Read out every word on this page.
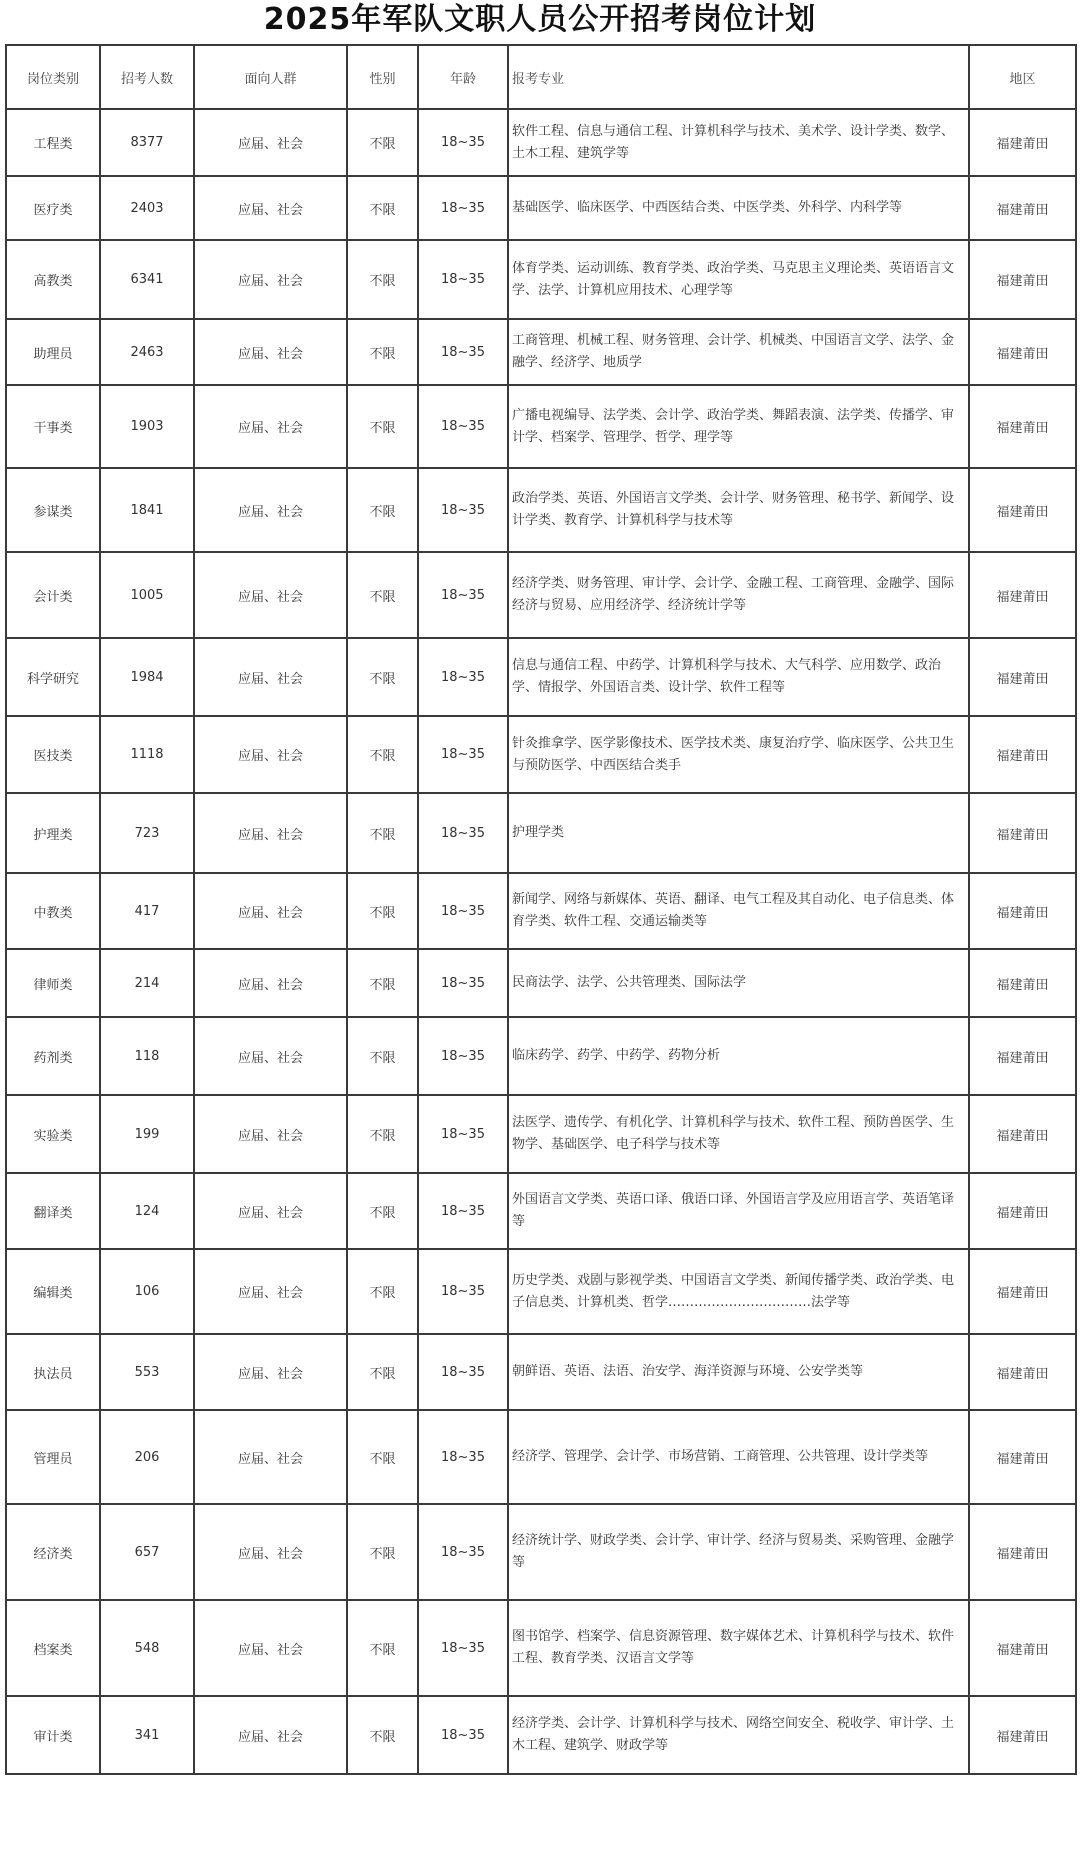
2025年军队文职人员公开招考岗位计划
岗位类别	招考人数	面向人群	性别	年龄	报考专业	地区
工程类	8377	应届、社会	不限	18~35	软件工程、信息与通信工程、计算机科学与技术、美术学、设计学类、数学、土木工程、建筑学等	福建莆田
医疗类	2403	应届、社会	不限	18~35	基础医学、临床医学、中西医结合类、中医学类、外科学、内科学等	福建莆田
高教类	6341	应届、社会	不限	18~35	体育学类、运动训练、教育学类、政治学类、马克思主义理论类、英语语言文学、法学、计算机应用技术、心理学等	福建莆田
助理员	2463	应届、社会	不限	18~35	工商管理、机械工程、财务管理、会计学、机械类、中国语言文学、法学、金融学、经济学、地质学	福建莆田
干事类	1903	应届、社会	不限	18~35	广播电视编导、法学类、会计学、政治学类、舞蹈表演、法学类、传播学、审计学、档案学、管理学、哲学、理学等	福建莆田
参谋类	1841	应届、社会	不限	18~35	政治学类、英语、外国语言文学类、会计学、财务管理、秘书学、新闻学、设计学类、教育学、计算机科学与技术等	福建莆田
会计类	1005	应届、社会	不限	18~35	经济学类、财务管理、审计学、会计学、金融工程、工商管理、金融学、国际经济与贸易、应用经济学、经济统计学等	福建莆田
科学研究	1984	应届、社会	不限	18~35	信息与通信工程、中药学、计算机科学与技术、大气科学、应用数学、政治学、情报学、外国语言类、设计学、软件工程等	福建莆田
医技类	1118	应届、社会	不限	18~35	针灸推拿学、医学影像技术、医学技术类、康复治疗学、临床医学、公共卫生与预防医学、中西医结合类手	福建莆田
护理类	723	应届、社会	不限	18~35	护理学类	福建莆田
中教类	417	应届、社会	不限	18~35	新闻学、网络与新媒体、英语、翻译、电气工程及其自动化、电子信息类、体育学类、软件工程、交通运输类等	福建莆田
律师类	214	应届、社会	不限	18~35	民商法学、法学、公共管理类、国际法学	福建莆田
药剂类	118	应届、社会	不限	18~35	临床药学、药学、中药学、药物分析	福建莆田
实验类	199	应届、社会	不限	18~35	法医学、遗传学、有机化学、计算机科学与技术、软件工程、预防兽医学、生物学、基础医学、电子科学与技术等	福建莆田
翻译类	124	应届、社会	不限	18~35	外国语言文学类、英语口译、俄语口译、外国语言学及应用语言学、英语笔译等	福建莆田
编辑类	106	应届、社会	不限	18~35	历史学类、戏剧与影视学类、中国语言文学类、新闻传播学类、政治学类、电子信息类、计算机类、哲学……………………………法学等	福建莆田
执法员	553	应届、社会	不限	18~35	朝鲜语、英语、法语、治安学、海洋资源与环境、公安学类等	福建莆田
管理员	206	应届、社会	不限	18~35	经济学、管理学、会计学、市场营销、工商管理、公共管理、设计学类等	福建莆田
经济类	657	应届、社会	不限	18~35	经济统计学、财政学类、会计学、审计学、经济与贸易类、采购管理、金融学等	福建莆田
档案类	548	应届、社会	不限	18~35	图书馆学、档案学、信息资源管理、数字媒体艺术、计算机科学与技术、软件工程、教育学类、汉语言文学等	福建莆田
审计类	341	应届、社会	不限	18~35	经济学类、会计学、计算机科学与技术、网络空间安全、税收学、审计学、土木工程、建筑学、财政学等	福建莆田
